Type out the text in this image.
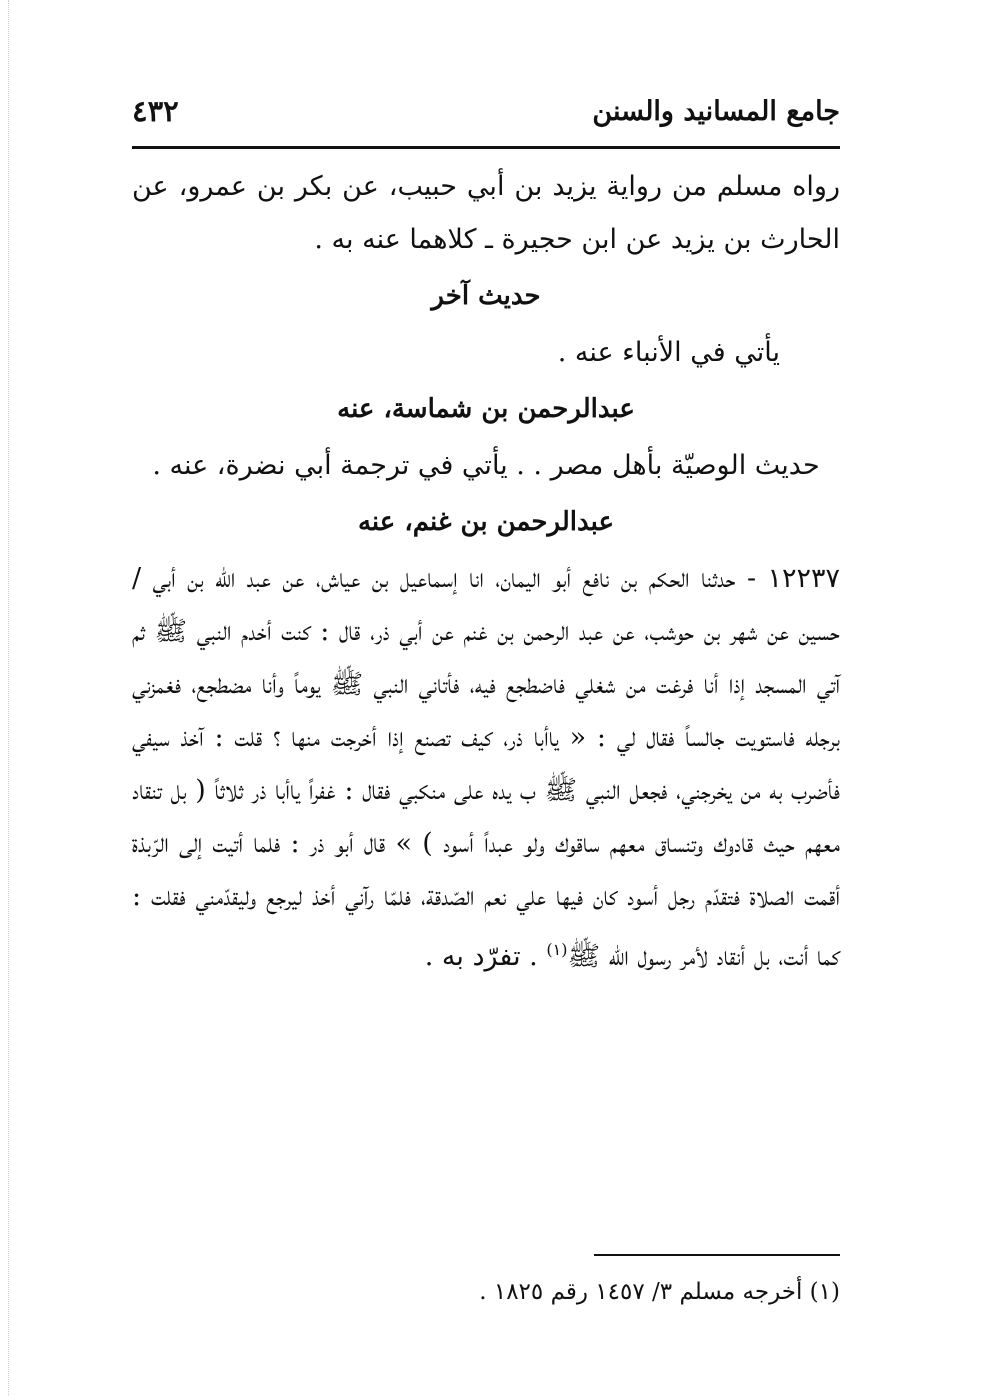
جامع المسانيد والسنن
٤٣٢

رواه مسلم من رواية يزيد بن أبي حبيب، عن بكر بن عمرو، عن الحارث بن يزيد عن ابن حجيرة ـ كلاهما عنه به .

حديث آخر

يأتي في الأنباء عنه .

عبدالرحمن بن شماسة، عنه

حديث الوصيّة بأهل مصر . . يأتي في ترجمة أبي نضرة، عنه .

عبدالرحمن بن غنم، عنه

١٢٢٣٧ - حدثنا الحكم بن نافع أبو اليمان، انا إسماعيل بن عياش، عن عبد الله بن أبي / حسين عن شهر بن حوشب، عن عبد الرحمن بن غنم عن أبي ذر، قال : كنت أخدم النبي ﷺ ثم آتي المسجد إذا أنا فرغت من شغلي فاضطجع فيه، فأتاني النبي ﷺ يوماً وأنا مضطجع، فغمزني برجله فاستويت جالساً فقال لي : « ياأبا ذر، كيف تصنع إذا أخرجت منها ؟ قلت : آخذ سيفي فأضرب به من يخرجني، فجعل النبي ﷺ ب يده على منكبي فقال : غفراً ياأبا ذر ثلاثاً ( بل تنقاد معهم حيث قادوك وتنساق معهم ساقوك ولو عبداً أسود ) » قال أبو ذر : فلما أتيت إلى الرّبذة أقمت الصلاة فتقدّم رجل أسود كان فيها علي نعم الصّدقة، فلمّا رآني أخذ ليرجع وليقدّمني فقلت : كما أنت، بل أنقاد لأمر رسول الله ﷺ$^{(١)}$ . تفرّد به .

(١) أخرجه مسلم ٣/ ١٤٥٧ رقم ١٨٢٥ .
